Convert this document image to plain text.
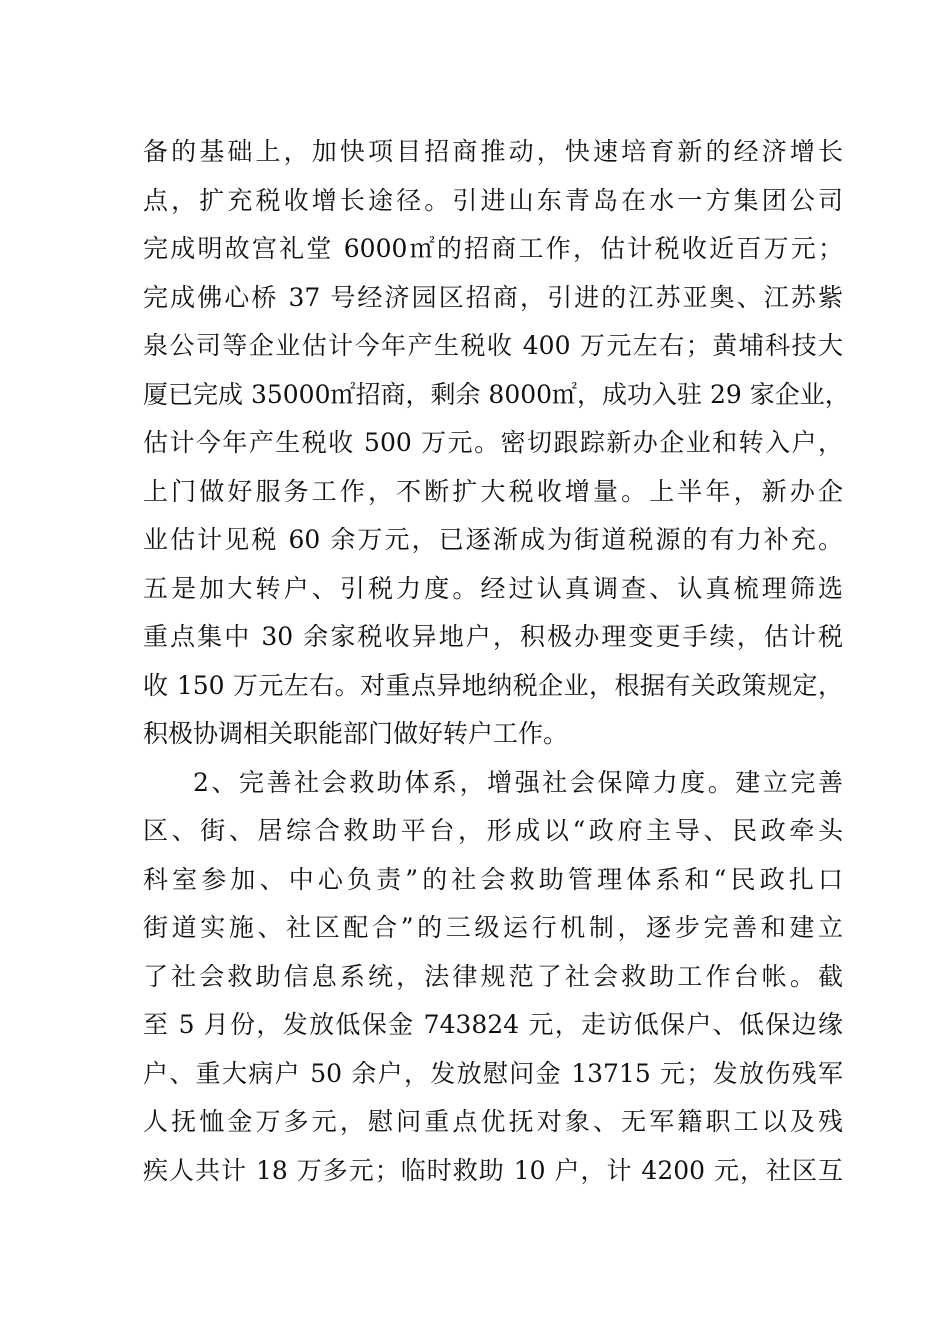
备的基础上，加快项目招商推动，快速培育新的经济增长
点，扩充税收增长途径。引进山东青岛在水一方集团公司
完成明故宫礼堂 6000㎡的招商工作，估计税收近百万元；
完成佛心桥 37 号经济园区招商，引进的江苏亚奥、江苏紫
泉公司等企业估计今年产生税收 400 万元左右；黄埔科技大
厦已完成 35000㎡招商，剩余 8000㎡，成功入驻 29 家企业，
估计今年产生税收 500 万元。密切跟踪新办企业和转入户，
上门做好服务工作，不断扩大税收增量。上半年，新办企
业估计见税 60 余万元，已逐渐成为街道税源的有力补充。
五是加大转户、引税力度。经过认真调查、认真梳理筛选
重点集中 30 余家税收异地户，积极办理变更手续，估计税
收 150 万元左右。对重点异地纳税企业，根据有关政策规定，
积极协调相关职能部门做好转户工作。
2、完善社会救助体系，增强社会保障力度。建立完善
区、街、居综合救助平台，形成以“政府主导、民政牵头
科室参加、中心负责”的社会救助管理体系和“民政扎口
街道实施、社区配合”的三级运行机制，逐步完善和建立
了社会救助信息系统，法律规范了社会救助工作台帐。截
至 5 月份，发放低保金 743824 元，走访低保户、低保边缘
户、重大病户 50 余户，发放慰问金 13715 元；发放伤残军
人抚恤金万多元，慰问重点优抚对象、无军籍职工以及残
疾人共计 18 万多元；临时救助 10 户，计 4200 元，社区互
